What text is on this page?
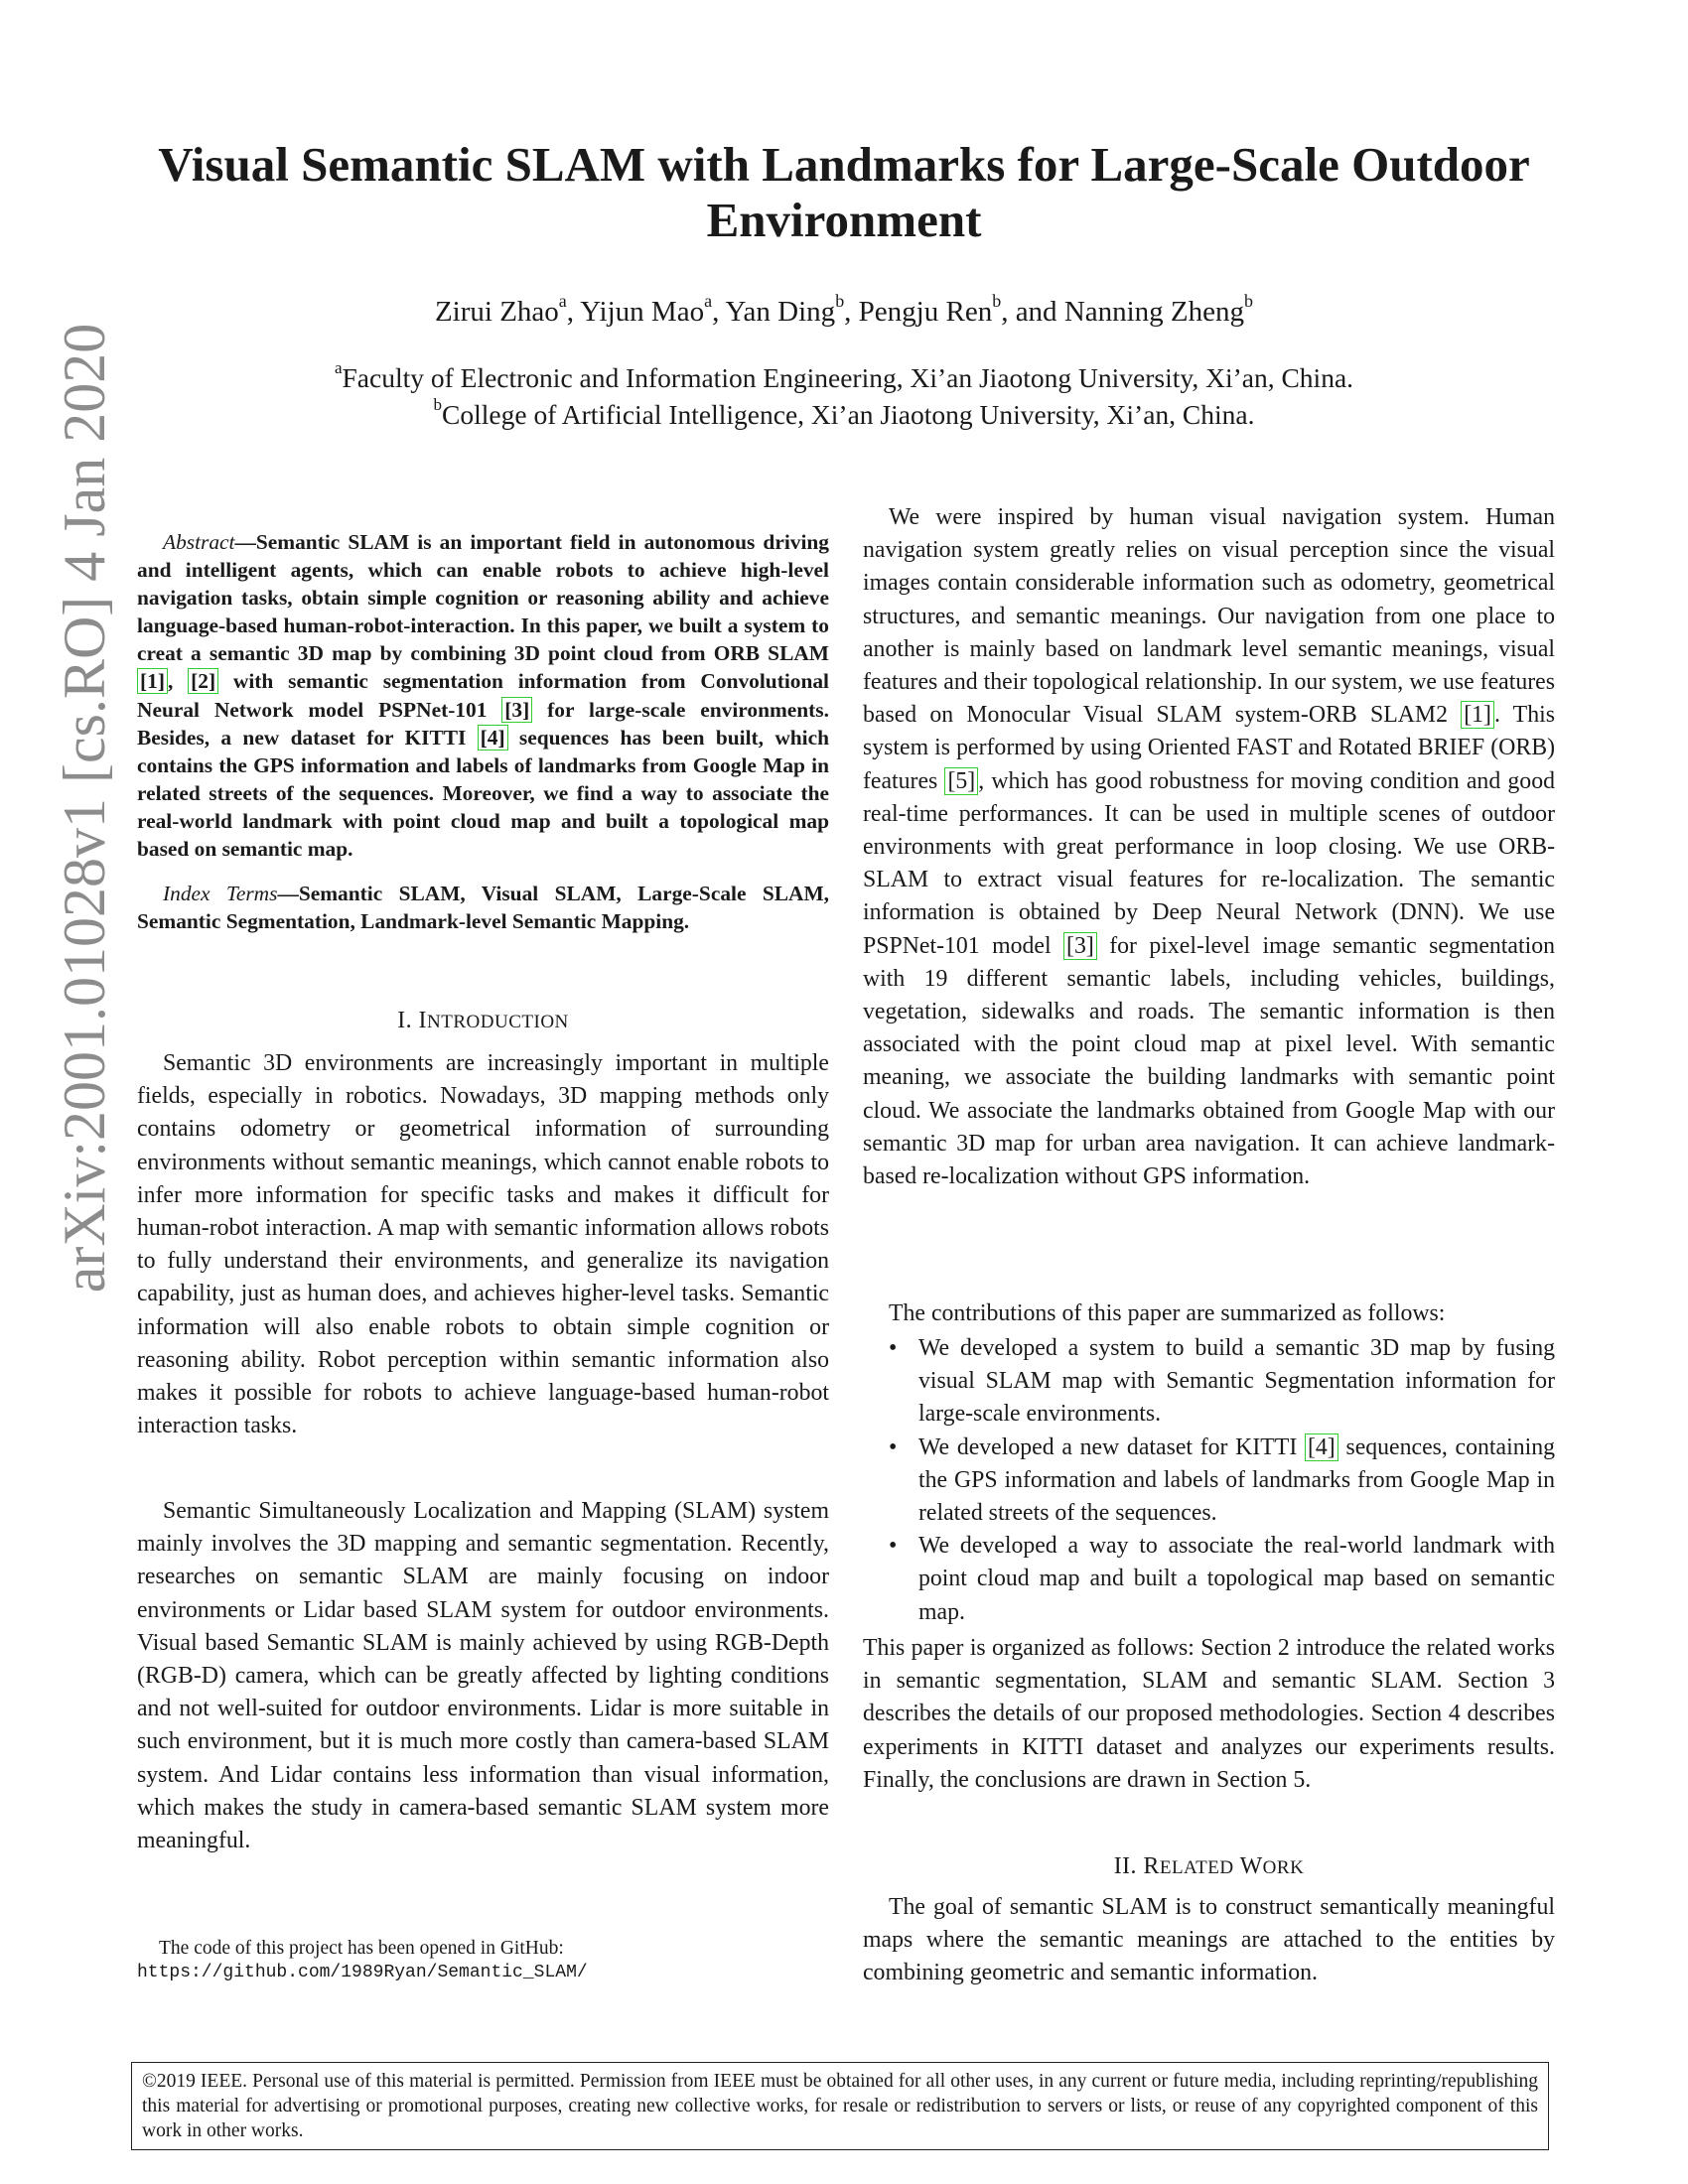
arXiv:2001.01028v1 [cs.RO] 4 Jan 2020
Visual Semantic SLAM with Landmarks for Large-Scale Outdoor Environment
Zirui Zhao$^a$, Yijun Mao$^a$, Yan Ding$^b$, Pengju Ren$^b$, and Nanning Zheng$^b$
$^a$Faculty of Electronic and Information Engineering, Xi’an Jiaotong University, Xi’an, China.
$^b$College of Artificial Intelligence, Xi’an Jiaotong University, Xi’an, China.

Abstract—Semantic SLAM is an important field in autonomous driving and intelligent agents, which can enable robots to achieve high-level navigation tasks, obtain simple cognition or reasoning ability and achieve language-based human-robot-interaction. In this paper, we built a system to creat a semantic 3D map by combining 3D point cloud from ORB SLAM [1] , [2] with semantic segmentation information from Convolutional Neural Network model PSPNet-101 [3] for large-scale environments. Besides, a new dataset for KITTI [4] sequences has been built, which contains the GPS information and labels of landmarks from Google Map in related streets of the sequences. Moreover, we find a way to associate the real-world landmark with point cloud map and built a topological map based on semantic map.

Index Terms—Semantic SLAM, Visual SLAM, Large-Scale SLAM, Semantic Segmentation, Landmark-level Semantic Mapping.

I. INTRODUCTION

Semantic 3D environments are increasingly important in multiple fields, especially in robotics. Nowadays, 3D mapping methods only contains odometry or geometrical information of surrounding environments without semantic meanings, which cannot enable robots to infer more information for specific tasks and makes it difficult for human-robot interaction. A map with semantic information allows robots to fully understand their environments, and generalize its navigation capability, just as human does, and achieves higher-level tasks. Semantic information will also enable robots to obtain simple cognition or reasoning ability. Robot perception within semantic information also makes it possible for robots to achieve language-based human-robot interaction tasks.

Semantic Simultaneously Localization and Mapping (SLAM) system mainly involves the 3D mapping and semantic segmentation. Recently, researches on semantic SLAM are mainly focusing on indoor environments or Lidar based SLAM system for outdoor environments. Visual based Semantic SLAM is mainly achieved by using RGB-Depth (RGB-D) camera, which can be greatly affected by lighting conditions and not well-suited for outdoor environments. Lidar is more suitable in such environment, but it is much more costly than camera-based SLAM system. And Lidar contains less information than visual information, which makes the study in camera-based semantic SLAM system more meaningful.

The code of this project has been opened in GitHub:
https://github.com/1989Ryan/Semantic_SLAM/

We were inspired by human visual navigation system. Human navigation system greatly relies on visual perception since the visual images contain considerable information such as odometry, geometrical structures, and semantic meanings. Our navigation from one place to another is mainly based on landmark level semantic meanings, visual features and their topological relationship. In our system, we use features based on Monocular Visual SLAM system-ORB SLAM2 [1] . This system is performed by using Oriented FAST and Rotated BRIEF (ORB) features [5] , which has good robustness for moving condition and good real-time performances. It can be used in multiple scenes of outdoor environments with great performance in loop closing. We use ORB-SLAM to extract visual features for re-localization. The semantic information is obtained by Deep Neural Network (DNN). We use PSPNet-101 model [3] for pixel-level image semantic segmentation with 19 different semantic labels, including vehicles, buildings, vegetation, sidewalks and roads. The semantic information is then associated with the point cloud map at pixel level. With semantic meaning, we associate the building landmarks with semantic point cloud. We associate the landmarks obtained from Google Map with our semantic 3D map for urban area navigation. It can achieve landmark-based re-localization without GPS information.

The contributions of this paper are summarized as follows:

• We developed a system to build a semantic 3D map by fusing visual SLAM map with Semantic Segmentation information for large-scale environments.
• We developed a new dataset for KITTI [4] sequences, containing the GPS information and labels of landmarks from Google Map in related streets of the sequences.
• We developed a way to associate the real-world landmark with point cloud map and built a topological map based on semantic map.

This paper is organized as follows: Section 2 introduce the related works in semantic segmentation, SLAM and semantic SLAM. Section 3 describes the details of our proposed methodologies. Section 4 describes experiments in KITTI dataset and analyzes our experiments results. Finally, the conclusions are drawn in Section 5.

II. RELATED WORK

The goal of semantic SLAM is to construct semantically meaningful maps where the semantic meanings are attached to the entities by combining geometric and semantic information.

©2019 IEEE. Personal use of this material is permitted. Permission from IEEE must be obtained for all other uses, in any current or future media, including reprinting/republishing this material for advertising or promotional purposes, creating new collective works, for resale or redistribution to servers or lists, or reuse of any copyrighted component of this work in other works.
